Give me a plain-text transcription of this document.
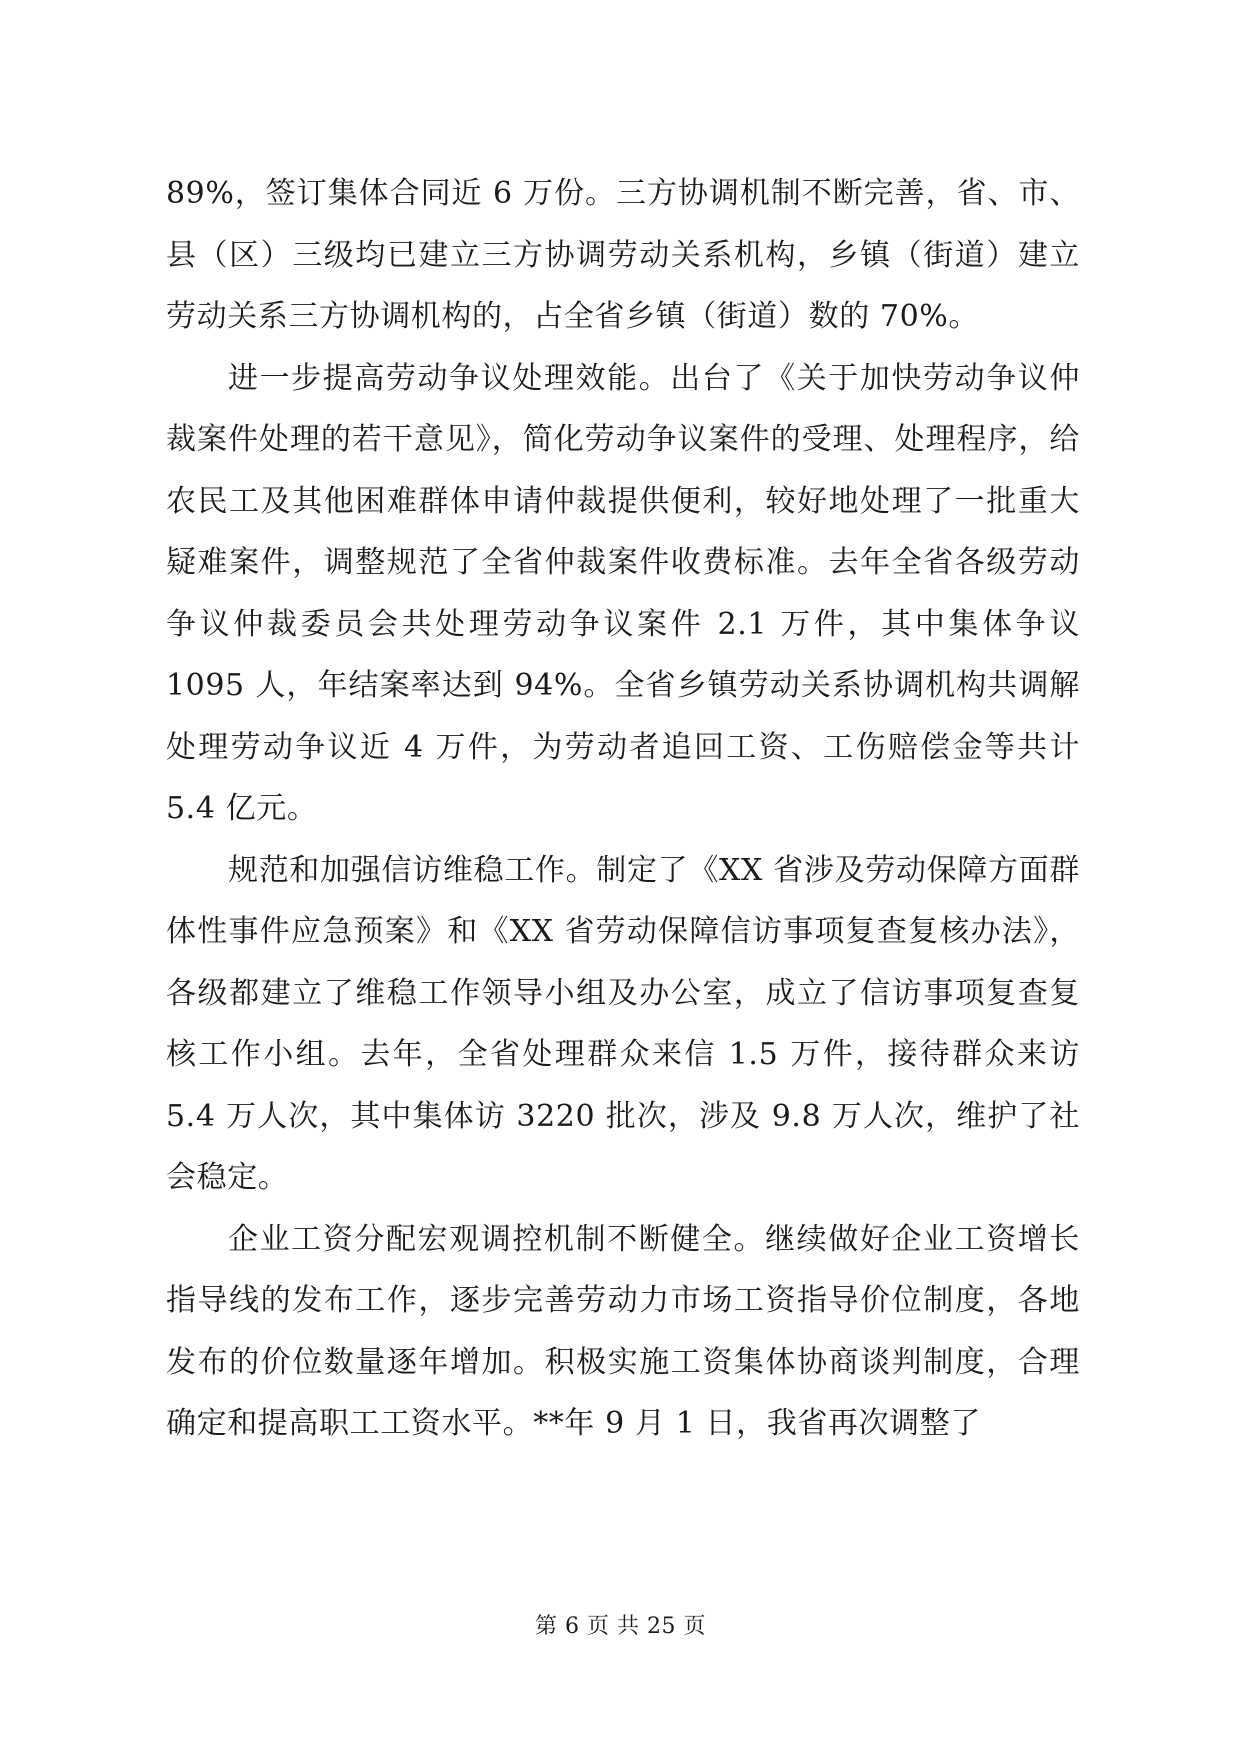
89%，签订集体合同近 6 万份。三方协调机制不断完善，省、市、县（区）三级均已建立三方协调劳动关系机构，乡镇（街道）建立劳动关系三方协调机构的，占全省乡镇（街道）数的 70%。

进一步提高劳动争议处理效能。出台了《关于加快劳动争议仲裁案件处理的若干意见》，简化劳动争议案件的受理、处理程序，给农民工及其他困难群体申请仲裁提供便利，较好地处理了一批重大疑难案件，调整规范了全省仲裁案件收费标准。去年全省各级劳动争议仲裁委员会共处理劳动争议案件 2.1 万件，其中集体争议 1095 人，年结案率达到 94%。全省乡镇劳动关系协调机构共调解处理劳动争议近 4 万件，为劳动者追回工资、工伤赔偿金等共计 5.4 亿元。

规范和加强信访维稳工作。制定了《XX 省涉及劳动保障方面群体性事件应急预案》和《XX 省劳动保障信访事项复查复核办法》，各级都建立了维稳工作领导小组及办公室，成立了信访事项复查复核工作小组。去年，全省处理群众来信 1.5 万件，接待群众来访 5.4 万人次，其中集体访 3220 批次，涉及 9.8 万人次，维护了社会稳定。

企业工资分配宏观调控机制不断健全。继续做好企业工资增长指导线的发布工作，逐步完善劳动力市场工资指导价位制度，各地发布的价位数量逐年增加。积极实施工资集体协商谈判制度，合理确定和提高职工工资水平。**年 9 月 1 日，我省再次调整了

第 6 页 共 25 页
